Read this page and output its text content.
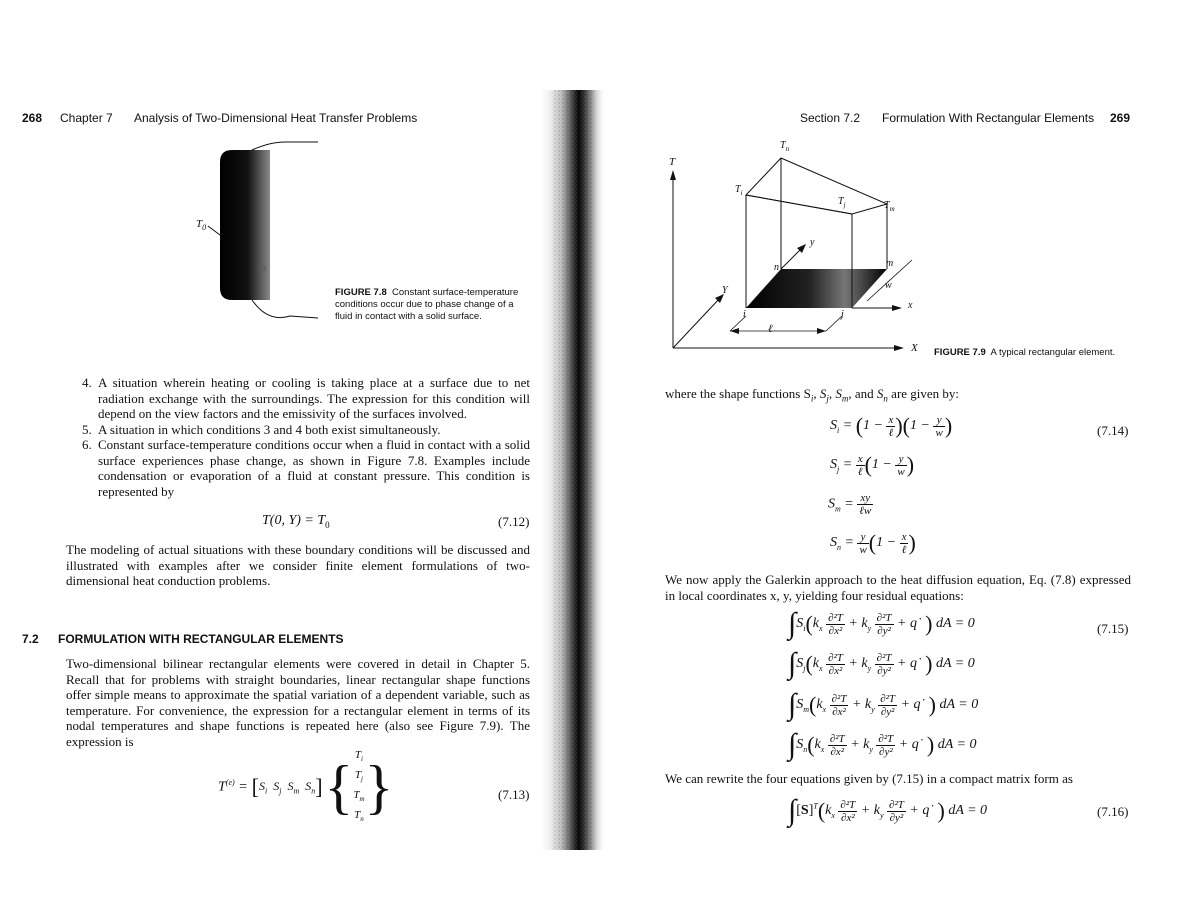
268 Chapter 7 Analysis of Two-Dimensional Heat Transfer Problems
$T_0$
x
FIGURE 7.8 Constant surface-temperature conditions occur due to phase change of a fluid in contact with a solid surface.
4. A situation wherein heating or cooling is taking place at a surface due to net radiation exchange with the surroundings. The expression for this condition will depend on the view factors and the emissivity of the surfaces involved.
5. A situation in which conditions 3 and 4 both exist simultaneously.
6. Constant surface-temperature conditions occur when a fluid in contact with a solid surface experiences phase change, as shown in Figure 7.8. Examples include condensation or evaporation of a fluid at constant pressure. This condition is represented by
T(0, $Y) = T_0$	(7.12)
The modeling of actual situations with these boundary conditions will be discussed and illustrated with examples after we consider finite element formulations of two-dimensional heat conduction problems.
7.2 FORMULATION WITH RECTANGULAR ELEMENTS
Two-dimensional bilinear rectangular elements were covered in detail in Chapter 5. Recall that for problems with straight boundaries, linear rectangular shape functions offer simple means to approximate the spatial variation of a dependent variable, such as temperature. For convenience, the expression for a rectangular element in terms of its nodal temperatures and shape functions is repeated here (also see Figure 7.9). The expression is
$T^{(e)}$ = [ $S_i$ $S_j$ $S_m$ $S_n$ ] { $T_i$
$T_j$
$T_m$
$T_n$ }	(7.13)
Section 7.2 Formulation With Rectangular Elements 269
T
Y
X
x
y
i	j
m
n
w
ℓ
$T_i$
$T_j$	$T_m$
$T_n$
FIGURE 7.9 A typical rectangular element.
where the shape functions $S_i$, $S_j$, $S_m$, and $S_n$ are given by:
$S_i = (1 - \frac{x}{\text{ℓ}} )(1 - \frac{y}{w}$ )	(7.14)
$S_j = \frac{x}{\text{ℓ}} (1 - \frac{y}{w}$ )
$S_m = \frac{xy}{\text{ℓw}}$
$S_n = \frac{y}{w} (1 - \frac{x}{\text{ℓ}}$ )
We now apply the Galerkin approach to the heat diffusion equation, Eq. (7.8) expressed in local coordinates x, y, yielding four residual equations:
$\int S_i(k_x \frac{\text{∂²T}}{\text{∂x²}} + k_y \frac{\text{∂²T}}{\text{∂y²}}$ + q˙ ) dA = 0	(7.15)
$\int S_j(k_x \frac{\text{∂²T}}{\text{∂x²}} + k_y \frac{\text{∂²T}}{\text{∂y²}}$ + q˙ ) dA = 0
$\int S_m(k_x \frac{\text{∂²T}}{\text{∂x²}} + k_y \frac{\text{∂²T}}{\text{∂y²}}$ + q˙ ) dA = 0
$\int S_n(k_x \frac{\text{∂²T}}{\text{∂x²}} + k_y \frac{\text{∂²T}}{\text{∂y²}}$ + q˙ ) dA = 0
We can rewrite the four equations given by (7.15) in a compact matrix form as
$\int[S]^T(k_x \frac{\text{∂²T}}{\text{∂x²}} + k_y \frac{\text{∂²T}}{\text{∂y²}}$ + q˙ ) dA = 0	(7.16)
